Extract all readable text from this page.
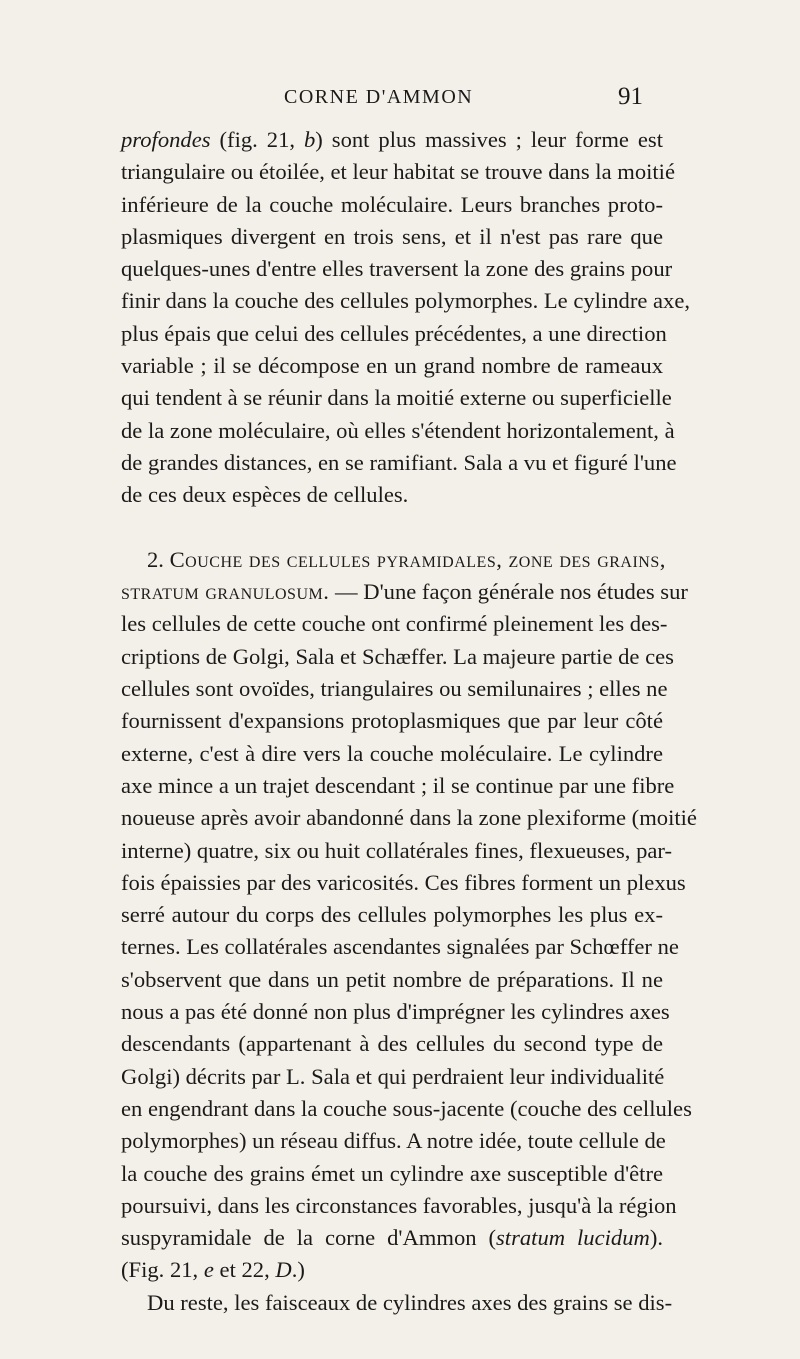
CORNE D'AMMON	91
profondes (fig. 21, b) sont plus massives ; leur forme est
triangulaire ou étoilée, et leur habitat se trouve dans la moitié
inférieure de la couche moléculaire. Leurs branches proto-
plasmiques divergent en trois sens, et il n'est pas rare que
quelques-unes d'entre elles traversent la zone des grains pour
finir dans la couche des cellules polymorphes. Le cylindre axe,
plus épais que celui des cellules précédentes, a une direction
variable ; il se décompose en un grand nombre de rameaux
qui tendent à se réunir dans la moitié externe ou superficielle
de la zone moléculaire, où elles s'étendent horizontalement, à
de grandes distances, en se ramifiant. Sala a vu et figuré l'une
de ces deux espèces de cellules.
2. Couche des cellules pyramidales, zone des grains,
stratum granulosum. — D'une façon générale nos études sur
les cellules de cette couche ont confirmé pleinement les des-
criptions de Golgi, Sala et Schæffer. La majeure partie de ces
cellules sont ovoïdes, triangulaires ou semilunaires ; elles ne
fournissent d'expansions protoplasmiques que par leur côté
externe, c'est à dire vers la couche moléculaire. Le cylindre
axe mince a un trajet descendant ; il se continue par une fibre
noueuse après avoir abandonné dans la zone plexiforme (moitié
interne) quatre, six ou huit collatérales fines, flexueuses, par-
fois épaissies par des varicosités. Ces fibres forment un plexus
serré autour du corps des cellules polymorphes les plus ex-
ternes. Les collatérales ascendantes signalées par Schœffer ne
s'observent que dans un petit nombre de préparations. Il ne
nous a pas été donné non plus d'imprégner les cylindres axes
descendants (appartenant à des cellules du second type de
Golgi) décrits par L. Sala et qui perdraient leur individualité
en engendrant dans la couche sous-jacente (couche des cellules
polymorphes) un réseau diffus. A notre idée, toute cellule de
la couche des grains émet un cylindre axe susceptible d'être
poursuivi, dans les circonstances favorables, jusqu'à la région
suspyramidale de la corne d'Ammon (stratum lucidum).
(Fig. 21, e et 22, D.)
Du reste, les faisceaux de cylindres axes des grains se dis-
